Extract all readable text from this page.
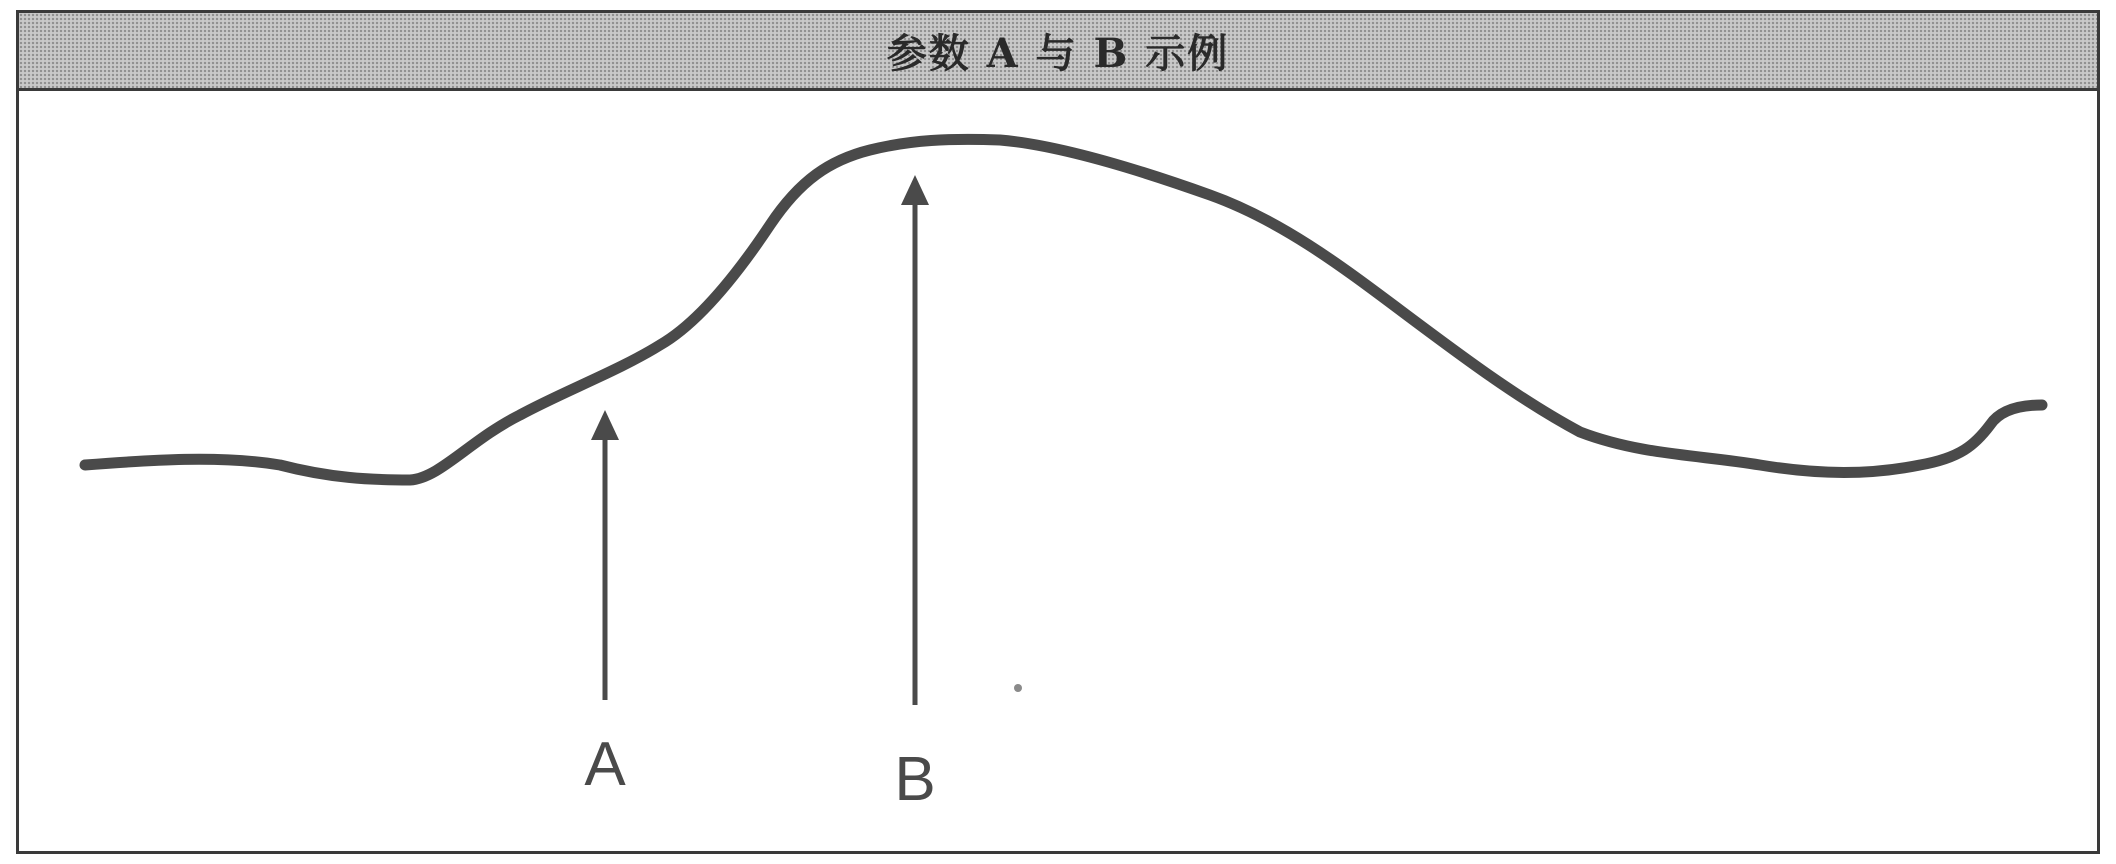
参数 A 与 B 示例
A	B
